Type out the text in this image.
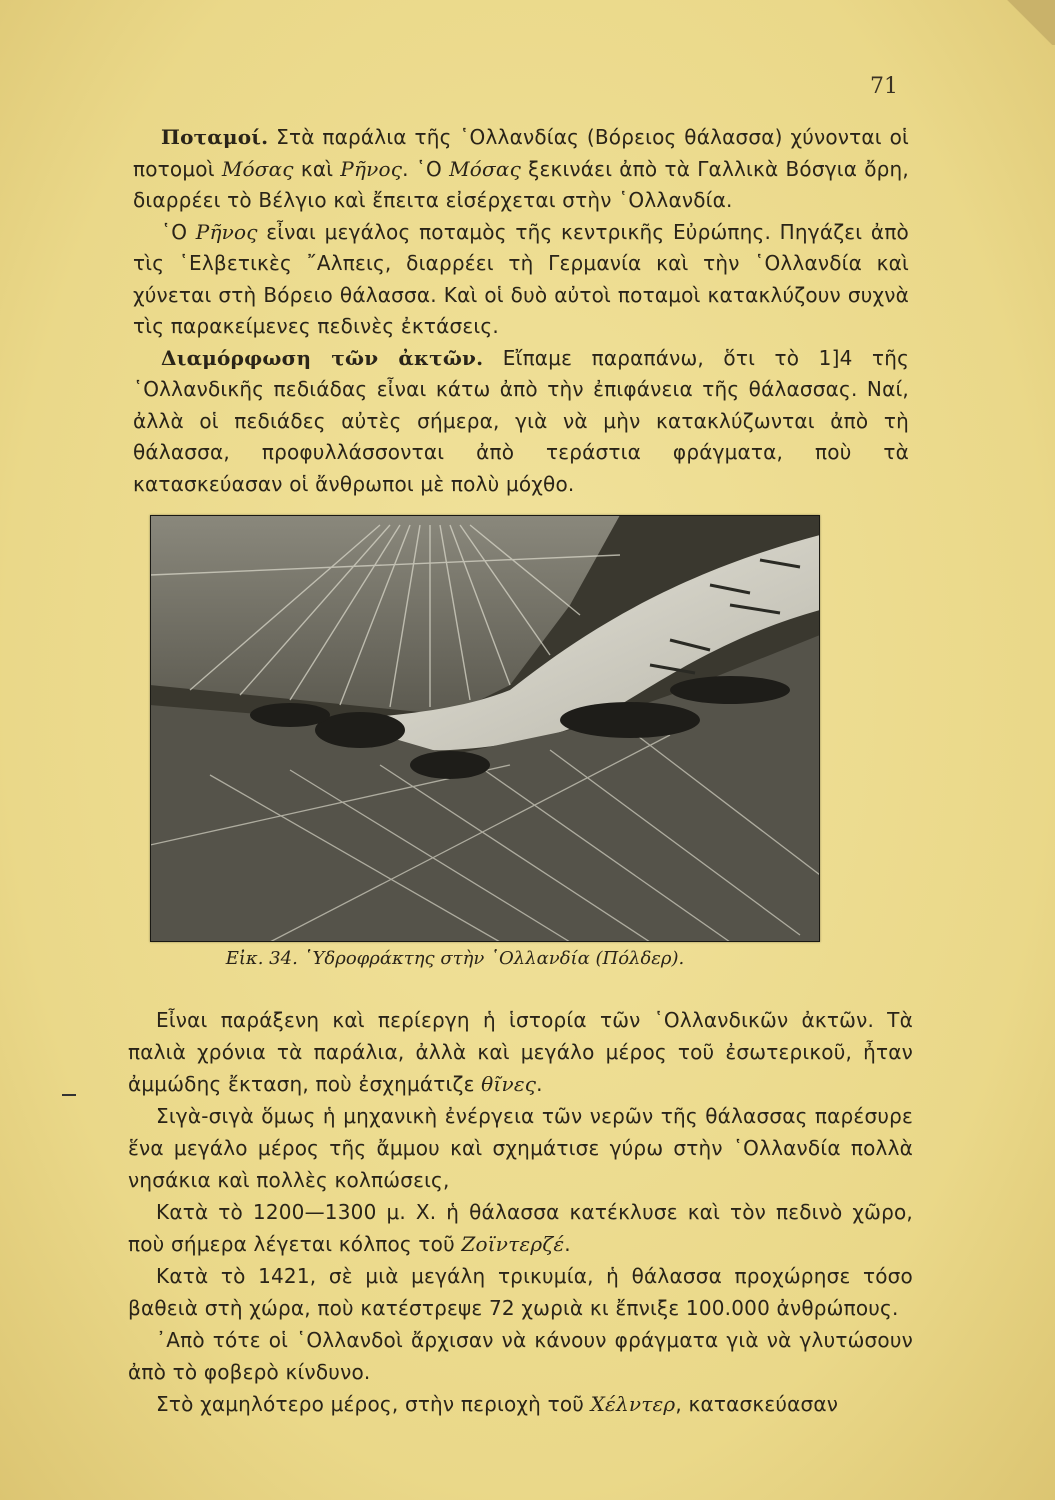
71

Ποταμοί. Στὰ παράλια τῆς ῾Ολλανδίας (Βόρειος θάλασσα) χύνονται οἱ ποτομοὶ Μόσας καὶ Ρῆνος. ῾Ο Μόσας ξεκινάει ἀπὸ τὰ Γαλλικὰ Βόσγια ὄρη, διαρρέει τὸ Βέλγιο καὶ ἔπειτα εἰσέρχεται στὴν ῾Ολλανδία.
῾Ο Ρῆνος εἶναι μεγάλος ποταμὸς τῆς κεντρικῆς Εὐρώπης. Πηγάζει ἀπὸ τὶς ῾Ελβετικὲς ῎Αλπεις, διαρρέει τὴ Γερμανία καὶ τὴν ῾Ολλανδία καὶ χύνεται στὴ Βόρειο θάλασσα. Καὶ οἱ δυὸ αὐτοὶ ποταμοὶ κατακλύζουν συχνὰ τὶς παρακείμενες πεδινὲς ἐκτάσεις.
Διαμόρφωση τῶν ἀκτῶν. Εἴπαμε παραπάνω, ὅτι τὸ 1]4 τῆς ῾Ολλανδικῆς πεδιάδας εἶναι κάτω ἀπὸ τὴν ἐπιφάνεια τῆς θάλασσας. Ναί, ἀλλὰ οἱ πεδιάδες αὐτὲς σήμερα, γιὰ νὰ μὴν κατακλύζωνται ἀπὸ τὴ θάλασσα, προφυλλάσσονται ἀπὸ τεράστια φράγματα, ποὺ τὰ κατασκεύασαν οἱ ἄνθρωποι μὲ πολὺ μόχθο.

Εἰκ. 34. ῾Υδροφράκτης στὴν ῾Ολλανδία (Πόλδερ).

Εἶναι παράξενη καὶ περίεργη ἡ ἱστορία τῶν ῾Ολλανδικῶν ἀκτῶν. Τὰ παλιὰ χρόνια τὰ παράλια, ἀλλὰ καὶ μεγάλο μέρος τοῦ ἐσωτερικοῦ, ἦταν ἀμμώδης ἔκταση, ποὺ ἐσχημάτιζε θῖνες.
Σιγὰ-σιγὰ ὅμως ἡ μηχανικὴ ἐνέργεια τῶν νερῶν τῆς θάλασσας παρέσυρε ἕνα μεγάλο μέρος τῆς ἄμμου καὶ σχημάτισε γύρω στὴν ῾Ολλανδία πολλὰ νησάκια καὶ πολλὲς κολπώσεις,
Κατὰ τὸ 1200—1300 μ. Χ. ἡ θάλασσα κατέκλυσε καὶ τὸν πεδινὸ χῶρο, ποὺ σήμερα λέγεται κόλπος τοῦ Ζοϊντερζέ.
Κατὰ τὸ 1421, σὲ μιὰ μεγάλη τρικυμία, ἡ θάλασσα προχώρησε τόσο βαθειὰ στὴ χώρα, ποὺ κατέστρεψε 72 χωριὰ κι ἔπνιξε 100.000 ἀνθρώπους.
᾿Απὸ τότε οἱ ῾Ολλανδοὶ ἄρχισαν νὰ κάνουν φράγματα γιὰ νὰ γλυτώσουν ἀπὸ τὸ φοβερὸ κίνδυνο.
Στὸ χαμηλότερο μέρος, στὴν περιοχὴ τοῦ Χέλντερ, κατασκεύασαν
